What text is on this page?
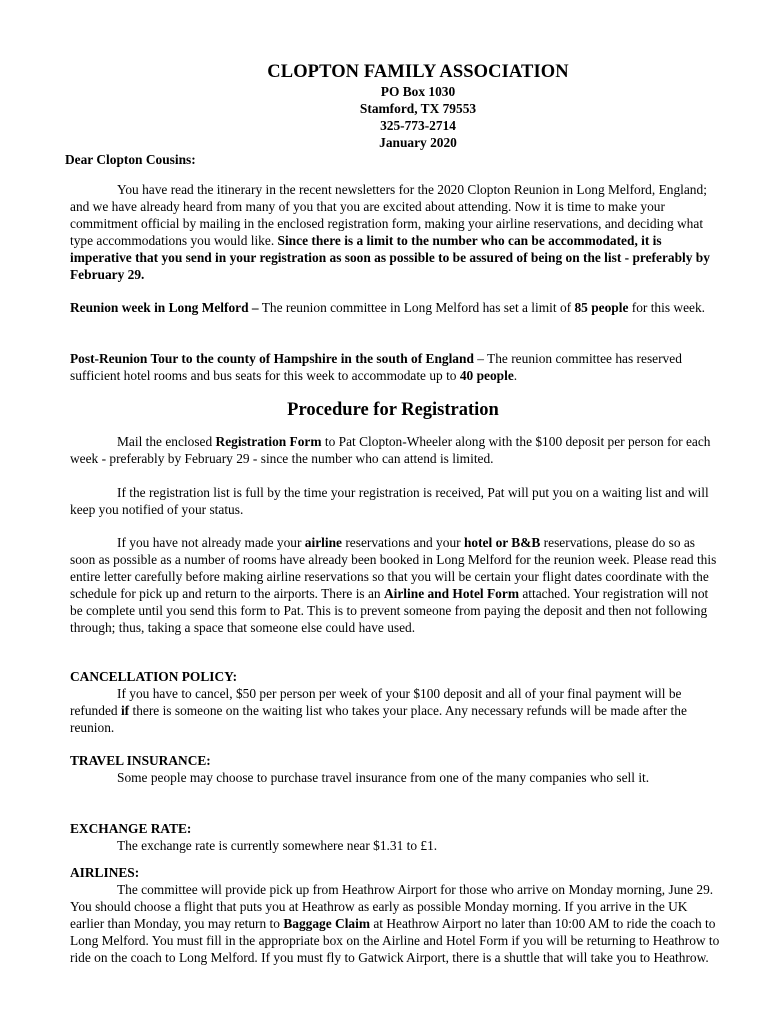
CLOPTON FAMILY ASSOCIATION
PO Box 1030
Stamford, TX 79553
325-773-2714
January 2020
Dear Clopton Cousins:
You have read the itinerary in the recent newsletters for the 2020 Clopton Reunion in Long Melford, England; and we have already heard from many of you that you are excited about attending. Now it is time to make your commitment official by mailing in the enclosed registration form, making your airline reservations, and deciding what type accommodations you would like. Since there is a limit to the number who can be accommodated, it is imperative that you send in your registration as soon as possible to be assured of being on the list - preferably by February 29.
Reunion week in Long Melford – The reunion committee in Long Melford has set a limit of 85 people for this week.
Post-Reunion Tour to the county of Hampshire in the south of England – The reunion committee has reserved sufficient hotel rooms and bus seats for this week to accommodate up to 40 people.
Procedure for Registration
Mail the enclosed Registration Form to Pat Clopton-Wheeler along with the $100 deposit per person for each week - preferably by February 29 - since the number who can attend is limited.
If the registration list is full by the time your registration is received, Pat will put you on a waiting list and will keep you notified of your status.
If you have not already made your airline reservations and your hotel or B&B reservations, please do so as soon as possible as a number of rooms have already been booked in Long Melford for the reunion week. Please read this entire letter carefully before making airline reservations so that you will be certain your flight dates coordinate with the schedule for pick up and return to the airports. There is an Airline and Hotel Form attached. Your registration will not be complete until you send this form to Pat. This is to prevent someone from paying the deposit and then not following through; thus, taking a space that someone else could have used.
CANCELLATION POLICY:
If you have to cancel, $50 per person per week of your $100 deposit and all of your final payment will be refunded if there is someone on the waiting list who takes your place. Any necessary refunds will be made after the reunion.
TRAVEL INSURANCE:
Some people may choose to purchase travel insurance from one of the many companies who sell it.
EXCHANGE RATE:
The exchange rate is currently somewhere near $1.31 to £1.
AIRLINES:
The committee will provide pick up from Heathrow Airport for those who arrive on Monday morning, June 29. You should choose a flight that puts you at Heathrow as early as possible Monday morning. If you arrive in the UK earlier than Monday, you may return to Baggage Claim at Heathrow Airport no later than 10:00 AM to ride the coach to Long Melford. You must fill in the appropriate box on the Airline and Hotel Form if you will be returning to Heathrow to ride on the coach to Long Melford. If you must fly to Gatwick Airport, there is a shuttle that will take you to Heathrow.
